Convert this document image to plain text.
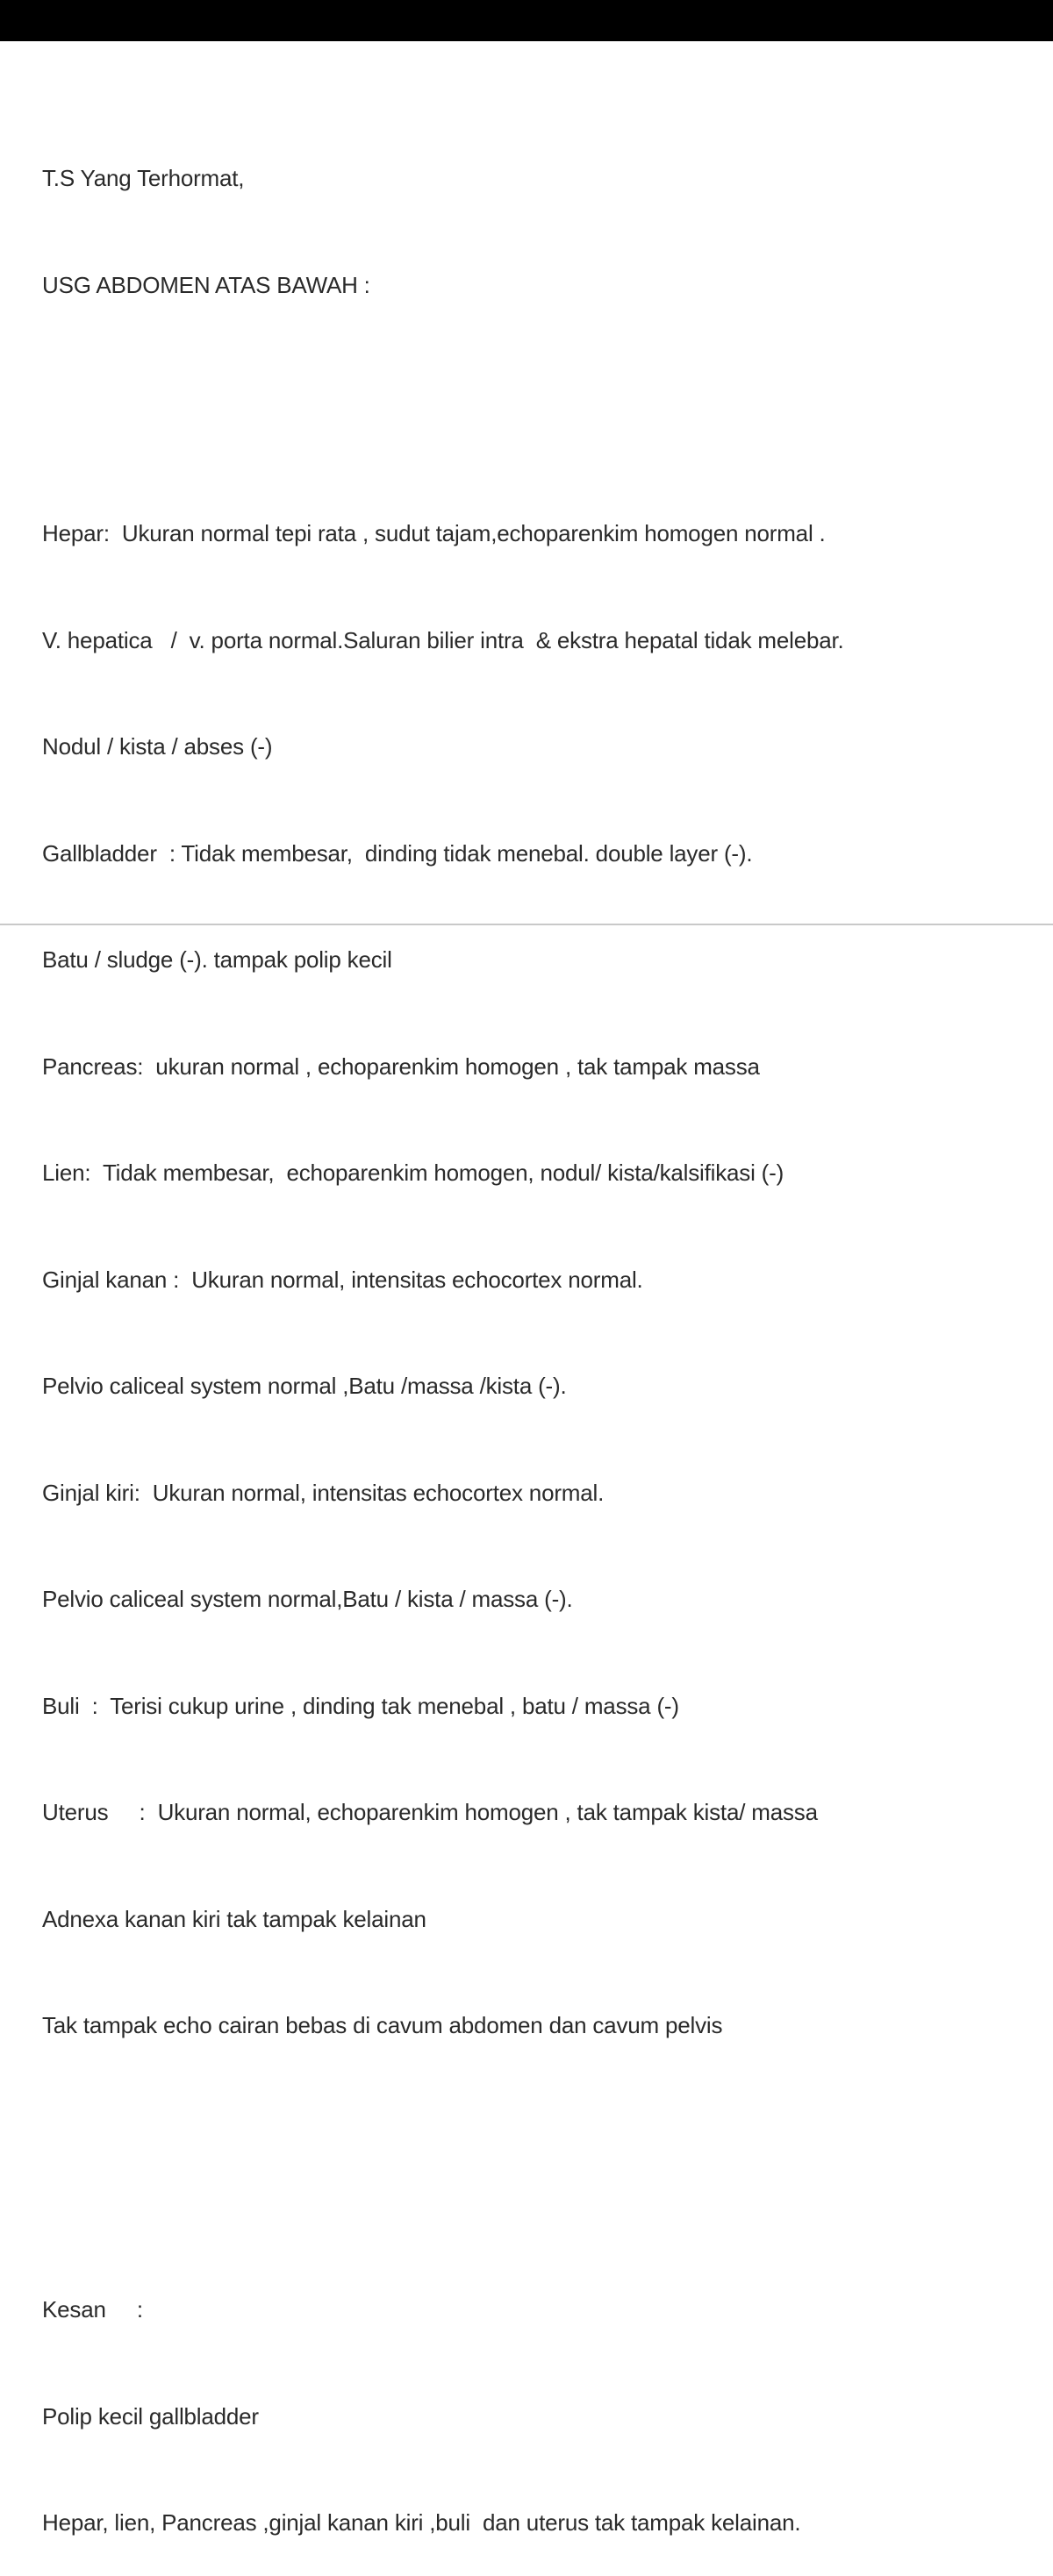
T.S Yang Terhormat,

USG ABDOMEN ATAS BAWAH :

Hepar:  Ukuran normal tepi rata , sudut tajam,echoparenkim homogen normal .

V. hepatica   /  v. porta normal.Saluran bilier intra  & ekstra hepatal tidak melebar.

Nodul / kista / abses (-)

Gallbladder  : Tidak membesar,  dinding tidak menebal. double layer (-).

Batu / sludge (-). tampak polip kecil

Pancreas:  ukuran normal , echoparenkim homogen , tak tampak massa

Lien:  Tidak membesar,  echoparenkim homogen, nodul/ kista/kalsifikasi (-)

Ginjal kanan :  Ukuran normal, intensitas echocortex normal.

Pelvio caliceal system normal ,Batu /massa /kista (-).

Ginjal kiri:  Ukuran normal, intensitas echocortex normal.

Pelvio caliceal system normal,Batu / kista / massa (-).

Buli  :  Terisi cukup urine , dinding tak menebal , batu / massa (-)

Uterus     :  Ukuran normal, echoparenkim homogen , tak tampak kista/ massa

Adnexa kanan kiri tak tampak kelainan

Tak tampak echo cairan bebas di cavum abdomen dan cavum pelvis

Kesan     :

Polip kecil gallbladder

Hepar, lien, Pancreas ,ginjal kanan kiri ,buli  dan uterus tak tampak kelainan.
